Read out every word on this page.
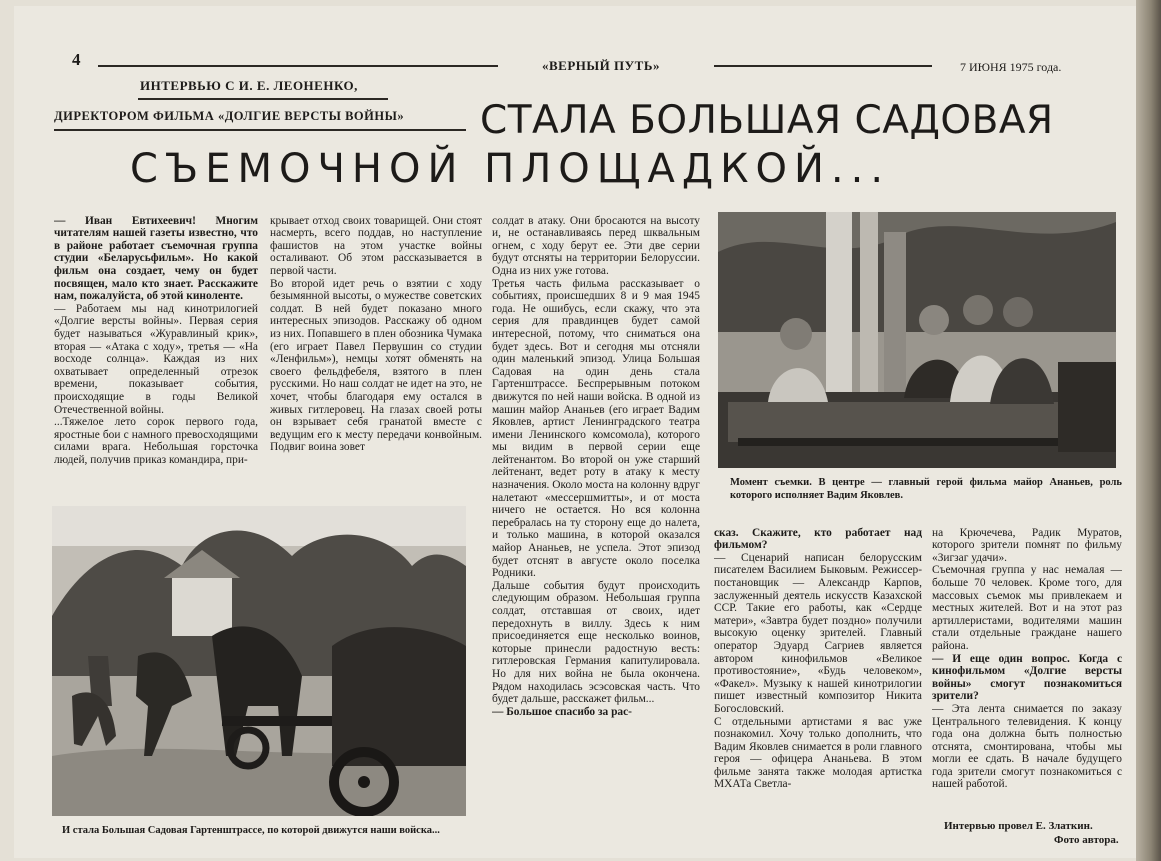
4	«ВЕРНЫЙ ПУТЬ»	7 ИЮНЯ 1975 года.
ИНТЕРВЬЮ С И. Е. ЛЕОНЕНКО,
ДИРЕКТОРОМ ФИЛЬМА «ДОЛГИЕ ВЕРСТЫ ВОЙНЫ» СТАЛА БОЛЬШАЯ САДОВАЯ
СЪЕМОЧНОЙ ПЛОЩАДКОЙ...

— Иван Евтихеевич! Многим читателям нашей газеты известно, что в районе работает съемочная группа студии «Беларусьфильм». Но какой фильм она создает, чему он будет посвящен, мало кто знает. Расскажите нам, пожалуйста, об этой киноленте.
— Работаем мы над кинотрилогией «Долгие версты войны». Первая серия будет называться «Журавлиный крик», вторая — «Атака с ходу», третья — «На восходе солнца». Каждая из них охватывает определенный отрезок времени, показывает события, происходящие в годы Великой Отечественной войны.
...Тяжелое лето сорок первого года, яростные бои с намного превосходящими силами врага. Небольшая горсточка людей, получив приказ командира, при-

крывает отход своих товарищей. Они стоят насмерть, всего поддав, но наступление фашистов на этом участке войны осталивают. Об этом рассказывается в первой части.
Во второй идет речь о взятии с ходу безымянной высоты, о мужестве советских солдат. В ней будет показано много интересных эпизодов. Расскажу об одном из них. Попавшего в плен обозника Чумака (его играет Павел Первушин со студии «Ленфильм»), немцы хотят обменять на своего фельдфебеля, взятого в плен русскими. Но наш солдат не идет на это, не хочет, чтобы благодаря ему остался в живых гитлеровец. На глазах своей роты он взрывает себя гранатой вместе с ведущим его к месту передачи конвойным. Подвиг воина зовет

солдат в атаку. Они бросаются на высоту и, не останавливаясь перед шквальным огнем, с ходу берут ее. Эти две серии будут отсняты на территории Белоруссии. Одна из них уже готова.
Третья часть фильма рассказывает о событиях, происшедших 8 и 9 мая 1945 года. Не ошибусь, если скажу, что эта серия для правдинцев будет самой интересной, потому, что сниматься она будет здесь. Вот и сегодня мы отсняли один маленький эпизод. Улица Большая Садовая на один день стала Гартенштрассе. Беспрерывным потоком движутся по ней наши войска. В одной из машин майор Ананьев (его играет Вадим Яковлев, артист Ленинградского театра имени Ленинского комсомола), которого мы видим в первой серии еще лейтенантом. Во второй он уже старший лейтенант, ведет роту в атаку к месту назначения. Около моста на колонну вдруг налетают «мессершмитты», и от моста ничего не остается. Но вся колонна перебралась на ту сторону еще до налета, и только машина, в которой оказался майор Ананьев, не успела. Этот эпизод будет отснят в августе около поселка Родники.
Дальше события будут происходить следующим образом. Небольшая группа солдат, отставшая от своих, идет передохнуть в виллу. Здесь к ним присоединяется еще несколько воинов, которые принесли радостную весть: гитлеровская Германия капитулировала. Но для них война не была окончена. Рядом находилась эсэсовская часть. Что будет дальше, расскажет фильм...
— Большое спасибо за рас-

Момент съемки. В центре — главный герой фильма майор Ананьев, роль которого исполняет Вадим Яковлев.

сказ. Скажите, кто работает над фильмом?
— Сценарий написан белорусским писателем Василием Быковым. Режиссер-постановщик — Александр Карпов, заслуженный деятель искусств Казахской ССР. Такие его работы, как «Сердце матери», «Завтра будет поздно» получили высокую оценку зрителей. Главный оператор Эдуард Сагриев является автором кинофильмов «Великое противостояние», «Будь человеком», «Факел». Музыку к нашей кинотрилогии пишет известный композитор Никита Богословский.
С отдельными артистами я вас уже познакомил. Хочу только дополнить, что Вадим Яковлев снимается в роли главного героя — офицера Ананьева. В этом фильме занята также молодая артистка МХАТа Светла-

на Крючечева, Радик Муратов, которого зрители помнят по фильму «Зигзаг удачи».
Съемочная группа у нас немалая — больше 70 человек. Кроме того, для массовых съемок мы привлекаем и местных жителей. Вот и на этот раз артиллеристами, водителями машин стали отдельные граждане нашего района.
— И еще один вопрос. Когда с кинофильмом «Долгие версты войны» смогут познакомиться зрители?
— Эта лента снимается по заказу Центрального телевидения. К концу года она должна быть полностью отснята, смонтирована, чтобы мы могли ее сдать. В начале будущего года зрители смогут познакомиться с нашей работой.

Интервью провел Е. Златкин.
Фото автора.
И стала Большая Садовая Гартенштрассе, по которой движутся наши войска...
